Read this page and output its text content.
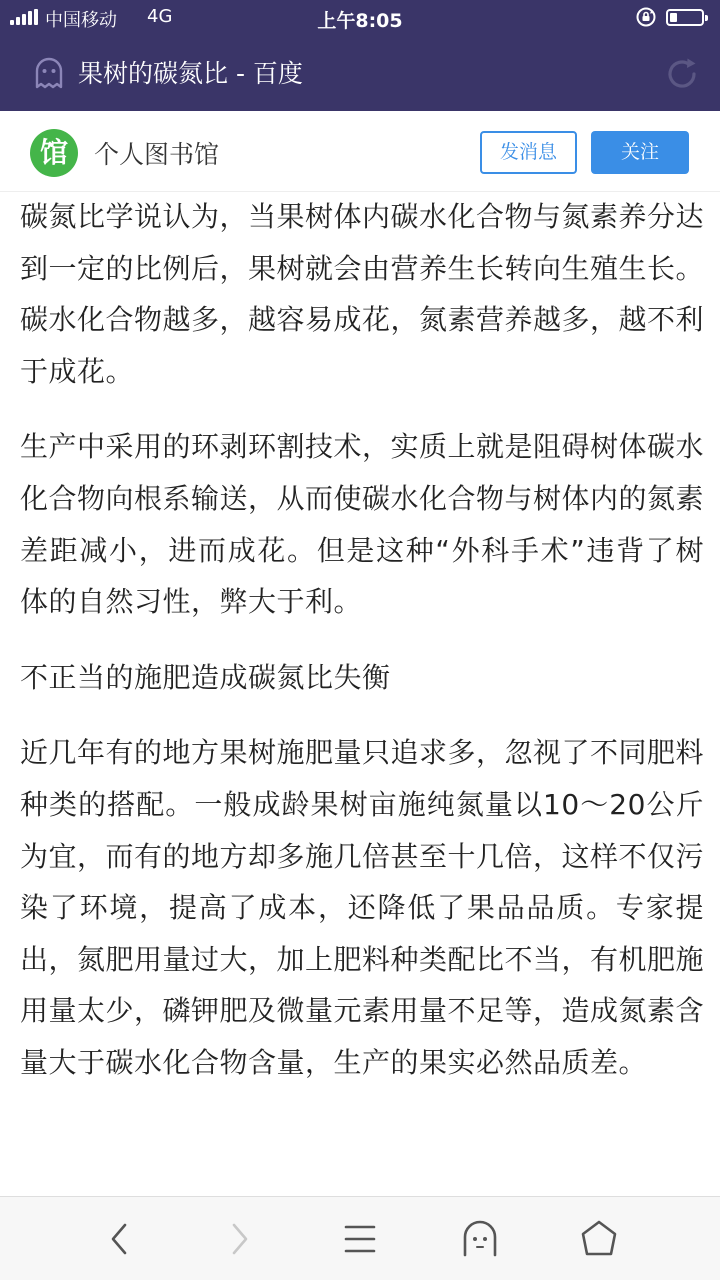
中国移动 4G	上午8:05
果树的碳氮比 - 百度
馆	个人图书馆	发消息	关注

碳氮比学说认为，当果树体内碳水化合物与氮素养分达到一定的比例后，果树就会由营养生长转向生殖生长。碳水化合物越多，越容易成花，氮素营养越多，越不利于成花。

生产中采用的环剥环割技术，实质上就是阻碍树体碳水化合物向根系输送，从而使碳水化合物与树体内的氮素差距减小，进而成花。但是这种“外科手术”违背了树体的自然习性，弊大于利。

不正当的施肥造成碳氮比失衡

近几年有的地方果树施肥量只追求多，忽视了不同肥料种类的搭配。一般成龄果树亩施纯氮量以10～20公斤为宜，而有的地方却多施几倍甚至十几倍，这样不仅污染了环境，提高了成本，还降低了果品品质。专家提出，氮肥用量过大，加上肥料种类配比不当，有机肥施用量太少，磷钾肥及微量元素用量不足等，造成氮素含量大于碳水化合物含量，生产的果实必然品质差。
